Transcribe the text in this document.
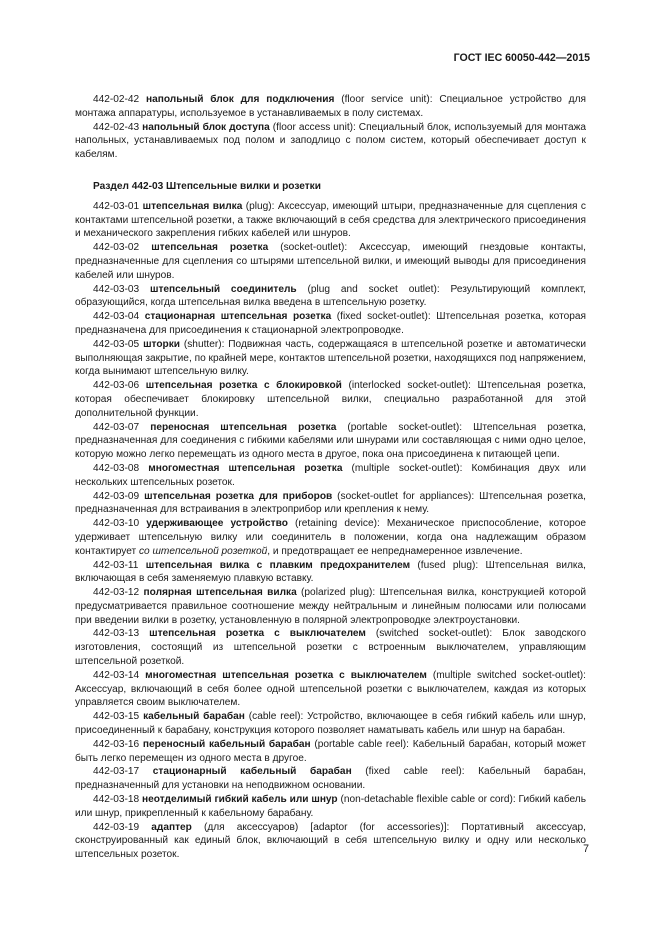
ГОСТ IEC 60050-442—2015

442-02-42 напольный блок для подключения (floor service unit): Специальное устройство для монтажа аппаратуры, используемое в устанавливаемых в полу системах.

442-02-43 напольный блок доступа (floor access unit): Специальный блок, используемый для монтажа напольных, устанавливаемых под полом и заподлицо с полом систем, который обеспечивает доступ к кабелям.

Раздел 442-03 Штепсельные вилки и розетки

442-03-01 штепсельная вилка (plug): Аксессуар, имеющий штыри, предназначенные для сцепления с контактами штепсельной розетки, а также включающий в себя средства для электрического присоединения и механического закрепления гибких кабелей или шнуров.

442-03-02 штепсельная розетка (socket-outlet): Аксессуар, имеющий гнездовые контакты, предназначенные для сцепления со штырями штепсельной вилки, и имеющий выводы для присоединения кабелей или шнуров.

442-03-03 штепсельный соединитель (plug and socket outlet): Результирующий комплект, образующийся, когда штепсельная вилка введена в штепсельную розетку.

442-03-04 стационарная штепсельная розетка (fixed socket-outlet): Штепсельная розетка, которая предназначена для присоединения к стационарной электропроводке.

442-03-05 шторки (shutter): Подвижная часть, содержащаяся в штепсельной розетке и автоматически выполняющая закрытие, по крайней мере, контактов штепсельной розетки, находящихся под напряжением, когда вынимают штепсельную вилку.

442-03-06 штепсельная розетка с блокировкой (interlocked socket-outlet): Штепсельная розетка, которая обеспечивает блокировку штепсельной вилки, специально разработанной для этой дополнительной функции.

442-03-07 переносная штепсельная розетка (portable socket-outlet): Штепсельная розетка, предназначенная для соединения с гибкими кабелями или шнурами или составляющая с ними одно целое, которую можно легко перемещать из одного места в другое, пока она присоединена к питающей цепи.

442-03-08 многоместная штепсельная розетка (multiple socket-outlet): Комбинация двух или нескольких штепсельных розеток.

442-03-09 штепсельная розетка для приборов (socket-outlet for appliances): Штепсельная розетка, предназначенная для встраивания в электроприбор или крепления к нему.

442-03-10 удерживающее устройство (retaining device): Механическое приспособление, которое удерживает штепсельную вилку или соединитель в положении, когда она надлежащим образом контактирует со штепсельной розеткой, и предотвращает ее непреднамеренное извлечение.

442-03-11 штепсельная вилка с плавким предохранителем (fused plug): Штепсельная вилка, включающая в себя заменяемую плавкую вставку.

442-03-12 полярная штепсельная вилка (polarized plug): Штепсельная вилка, конструкцией которой предусматривается правильное соотношение между нейтральным и линейным полюсами или полюсами при введении вилки в розетку, установленную в полярной электропроводке электроустановки.

442-03-13 штепсельная розетка с выключателем (switched socket-outlet): Блок заводского изготовления, состоящий из штепсельной розетки с встроенным выключателем, управляющим штепсельной розеткой.

442-03-14 многоместная штепсельная розетка с выключателем (multiple switched socket-outlet): Аксессуар, включающий в себя более одной штепсельной розетки с выключателем, каждая из которых управляется своим выключателем.

442-03-15 кабельный барабан (cable reel): Устройство, включающее в себя гибкий кабель или шнур, присоединенный к барабану, конструкция которого позволяет наматывать кабель или шнур на барабан.

442-03-16 переносный кабельный барабан (portable cable reel): Кабельный барабан, который может быть легко перемещен из одного места в другое.

442-03-17 стационарный кабельный барабан (fixed cable reel): Кабельный барабан, предназначенный для установки на неподвижном основании.

442-03-18 неотделимый гибкий кабель или шнур (non-detachable flexible cable or cord): Гибкий кабель или шнур, прикрепленный к кабельному барабану.

442-03-19 адаптер (для аксессуаров) [adaptor (for accessories)]: Портативный аксессуар, сконструированный как единый блок, включающий в себя штепсельную вилку и одну или несколько штепсельных розеток.	7
